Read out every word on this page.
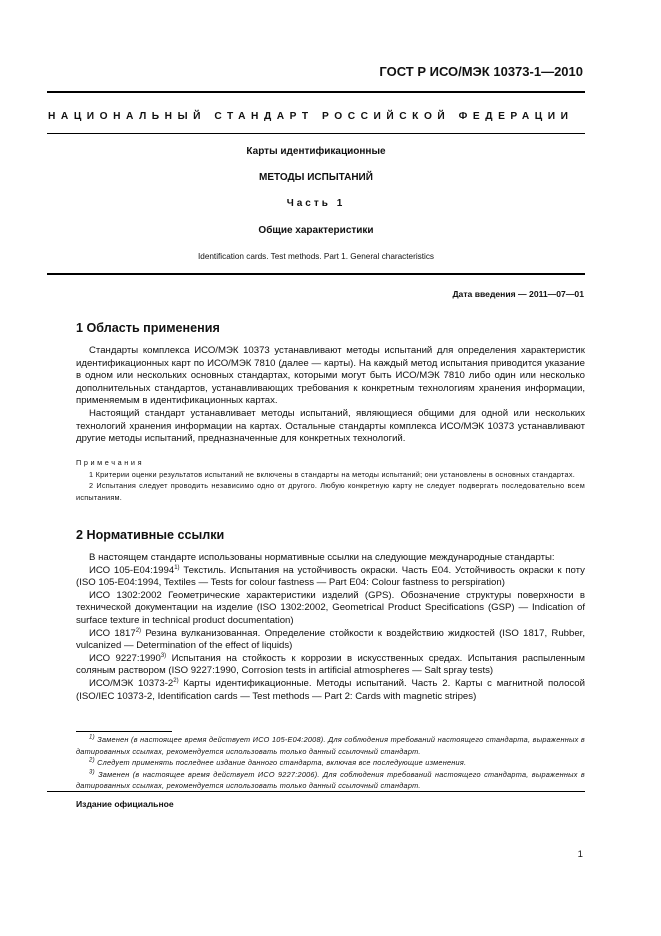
ГОСТ Р ИСО/МЭК 10373-1—2010
НАЦИОНАЛЬНЫЙ СТАНДАРТ РОССИЙСКОЙ ФЕДЕРАЦИИ
Карты идентификационные
МЕТОДЫ ИСПЫТАНИЙ
Часть 1
Общие характеристики
Identification cards. Test methods. Part 1. General characteristics
Дата введения — 2011—07—01
1 Область применения

Стандарты комплекса ИСО/МЭК 10373 устанавливают методы испытаний для определения характеристик идентификационных карт по ИСО/МЭК 7810 (далее — карты). На каждый метод испытания приводится указание в одном или нескольких основных стандартах, которыми могут быть ИСО/МЭК 7810 либо один или несколько дополнительных стандартов, устанавливающих требования к конкретным технологиям хранения информации, применяемым в идентификационных картах.

Настоящий стандарт устанавливает методы испытаний, являющиеся общими для одной или нескольких технологий хранения информации на картах. Остальные стандарты комплекса ИСО/МЭК 10373 устанавливают другие методы испытаний, предназначенные для конкретных технологий.

Примечания

1 Критерии оценки результатов испытаний не включены в стандарты на методы испытаний; они установлены в основных стандартах.

2 Испытания следует проводить независимо одно от другого. Любую конкретную карту не следует подвергать последовательно всем испытаниям.

2 Нормативные ссылки

В настоящем стандарте использованы нормативные ссылки на следующие международные стандарты:

ИСО 105-E04:1994$^{1)}$ Текстиль. Испытания на устойчивость окраски. Часть E04. Устойчивость окраски к поту (ISO 105-E04:1994, Textiles — Tests for colour fastness — Part E04: Colour fastness to perspiration)

ИСО 1302:2002 Геометрические характеристики изделий (GPS). Обозначение структуры поверхности в технической документации на изделие (ISO 1302:2002, Geometrical Product Specifications (GSP) — Indication of surface texture in technical product documentation)

ИСО 1817$^{2)}$ Резина вулканизованная. Определение стойкости к воздействию жидкостей (ISO 1817, Rubber, vulcanized — Determination of the effect of liquids)

ИСО 9227:1990$^{3)}$ Испытания на стойкость к коррозии в искусственных средах. Испытания распыленным соляным раствором (ISO 9227:1990, Corrosion tests in artificial atmospheres — Salt spray tests)

ИСО/МЭК 10373-2$^{2)}$ Карты идентификационные. Методы испытаний. Часть 2. Карты с магнитной полосой (ISO/IEC 10373-2, Identification cards — Test methods — Part 2: Cards with magnetic stripes)

$^{1)}$ Заменен (в настоящее время действует ИСО 105-E04:2008). Для соблюдения требований настоящего стандарта, выраженных в датированных ссылках, рекомендуется использовать только данный ссылочный стандарт.

$^{2)}$ Следует применять последнее издание данного стандарта, включая все последующие изменения.

$^{3)}$ Заменен (в настоящее время действует ИСО 9227:2006). Для соблюдения требований настоящего стандарта, выраженных в датированных ссылках, рекомендуется использовать только данный ссылочный стандарт.

Издание официальное
1
